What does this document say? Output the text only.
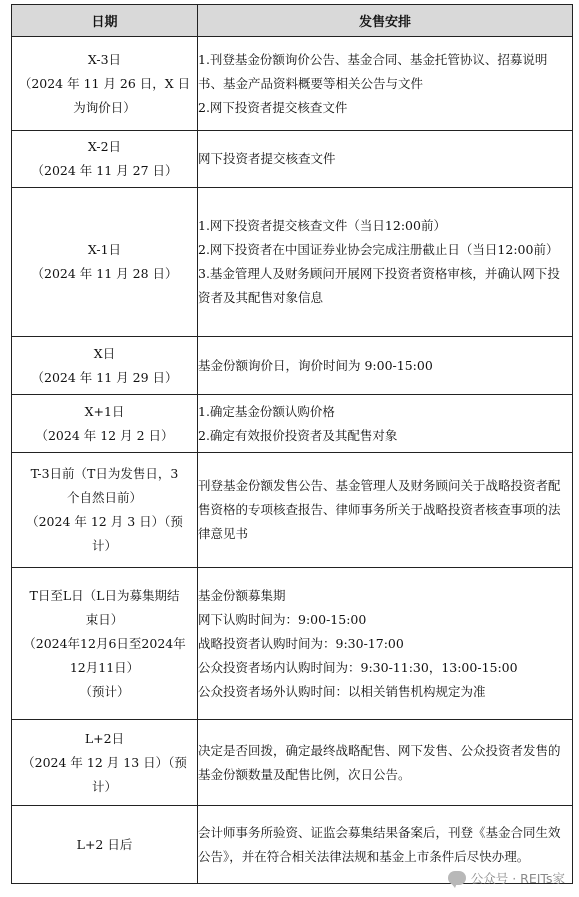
日期	发售安排

X-3日
（2024 年 11 月 26 日，X 日
为询价日）	1.刊登基金份额询价公告、基金合同、基金托管协议、招募说明书、基金产品资料概要等相关公告与文件
2.网下投资者提交核查文件

X-2日
（2024 年 11 月 27 日）	网下投资者提交核查文件

X-1日
（2024 年 11 月 28 日）	1.网下投资者提交核查文件（当日12:00前）
2.网下投资者在中国证券业协会完成注册截止日（当日12:00前）
3.基金管理人及财务顾问开展网下投资者资格审核，并确认网下投资者及其配售对象信息

X日
（2024 年 11 月 29 日）	基金份额询价日，询价时间为 9:00-15:00

X+1日
（2024 年 12 月 2 日）	1.确定基金份额认购价格
2.确定有效报价投资者及其配售对象

T-3日前（T日为发售日，3
个自然日前）
（2024 年 12 月 3 日）（预
计）	刊登基金份额发售公告、基金管理人及财务顾问关于战略投资者配售资格的专项核查报告、律师事务所关于战略投资者核查事项的法律意见书

T日至L日（L日为募集期结
束日）
（2024年12月6日至2024年
12月11日）
（预计）	基金份额募集期
网下认购时间为：9:00-15:00
战略投资者认购时间为：9:30-17:00
公众投资者场内认购时间为：9:30-11:30，13:00-15:00
公众投资者场外认购时间：以相关销售机构规定为准

L+2日
（2024 年 12 月 13 日）（预
计）	决定是否回拨，确定最终战略配售、网下发售、公众投资者发售的基金份额数量及配售比例，次日公告。

L+2 日后	会计师事务所验资、证监会募集结果备案后，刊登《基金合同生效公告》，并在符合相关法律法规和基金上市条件后尽快办理。
公众号 · REITs家
